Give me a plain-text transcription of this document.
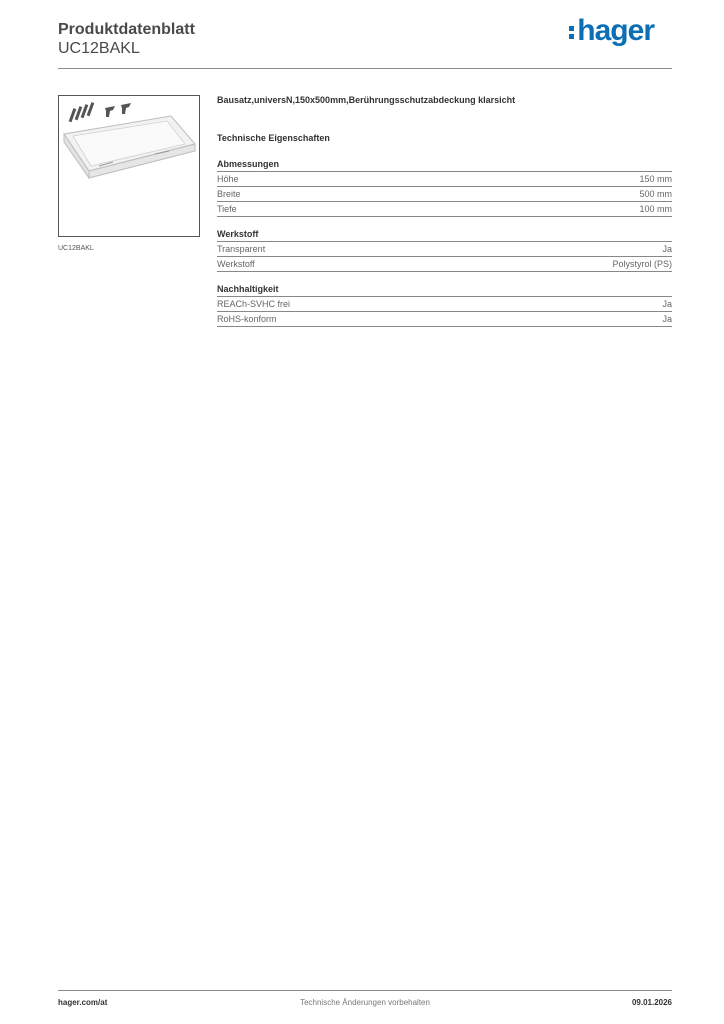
Produktdatenblatt
UC12BAKL
hager
UC12BAKL
Bausatz,universN,150x500mm,Berührungsschutzabdeckung klarsicht
Technische Eigenschaften
Abmessungen
Höhe	150 mm
Breite	500 mm
Tiefe	100 mm
Werkstoff
Transparent	Ja
Werkstoff	Polystyrol (PS)
Nachhaltigkeit
REACh-SVHC frei	Ja
RoHS-konform	Ja
hager.com/at	Technische Änderungen vorbehalten	09.01.2026
